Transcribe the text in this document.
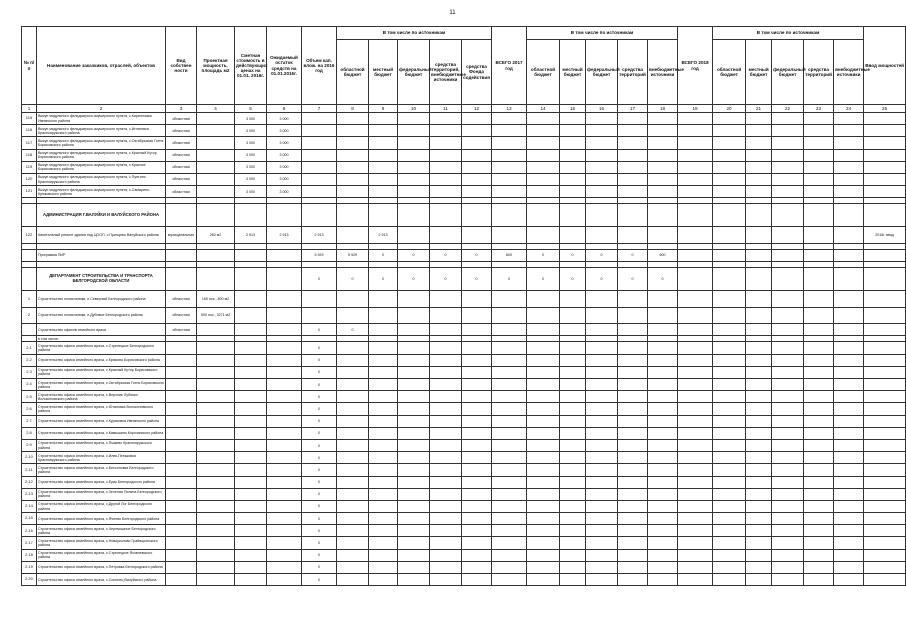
11
№ п/п	Наименование заказчиков, отраслей, объектов	Вид собствен ности	Проектная мощность, площадь м2	Сметная стоимость в действующих ценах на 01.01. 2016г.	Ожидаемый остаток средств на 01.01.2016г.	Объем кап. влож. на 2016 год	В том числе по источникам					ВСЕГО 2017 год	В том числе по источникам					ВСЕГО 2018 год	В том числе по источникам					Ввод мощностей
							областной бюджет	местный бюджет	федеральный бюджет	средства территорий, внебюджетные источники	средства Фонда содействия		областной бюджет	местный бюджет	федеральный бюджет	средства территорий	внебюджетные источники		областной бюджет	местный бюджет	федеральный бюджет	средства территорий	внебюджетные источники	
1	2	3	4	5	6	7	8	9	10	11	12	13	14	15	16	17	18	19	20	21	22	23	24	25
115	Выкуп модульного фельдшерско-акушерского пункта, с.Кирилловка Ивнянского района	областная		3 000	3 000																			
116	Выкуп модульного фельдшерско-акушерского пункта, с.Игнатовка Краснояружского района	областная		3 000	3 000																			
117	Выкуп модульного фельдшерско-акушерского пункта, с.Октябрьская Готня Борисовского района	областная		3 000	3 000																			
118	Выкуп модульного фельдшерско-акушерского пункта, с.Красный Кутор Борисовского района	областная		3 000	3 000																			
119	Выкуп модульного фельдшерско-акушерского пункта, с.Красное Борисовского района	областная		3 000	3 000																			
120	Выкуп модульного фельдшерско-акушерского пункта, с.Пуятино Краснояружского района	областная		3 000	3 000																			
121	Выкуп модульного фельдшерско-акушерского пункта, с.Самарино-Крюковского района	областная		3 000	3 000																			

	АДМИНИСТРАЦИЯ Г.ВАЛУЙКИ И ВАЛУЙСКОГО РАЙОНА																							
122	Капитальный ремонт здания под ЦООП, с.Принцево Валуйского района	муниципальная	260 м2	2 913	2 913	2 913		2 913																2016г. ввод

	Программа ПИР					5 929	5 929	0	0	0	0	600	0	0	0	0	600							

	ДЕПАРТАМЕНТ СТРОИТЕЛЬСТВА И ТРАНСПОРТА БЕЛГОРОДСКОЙ ОБЛАСТИ					0	0	0	0	0	0	0	0	0	0	0	0							
1	Строительство поликлиники, п.Северный Белгородского района	областная	165 пос., 800 м2																					
2	Строительство поликлиники, п.Дубовое Белгородского района	областная	500 пос., 3271 м2																					
	Строительство офисов семейного врача	областная				0	0																	
	в том числе:																							
2.1	Строительство офиса семейного врача, с.Стрелецкое Белгородского района					0																		
2.2	Строительство офиса семейного врача, с.Крюково Борисовского района					0																		
2.3	Строительство офиса семейного врача, с.Красный Кутор Борисовского района					0																		
2.4	Строительство офиса семейного врача, с.Октябрьская Готня Борисовского района					0																		
2.5	Строительство офиса семейного врача, с.Верхние Лубянки Волоконовского района					0																		
2.6	Строительство офиса семейного врача, с.Ютановка Волоконовского района					0																		
2.7	Строительство офиса семейного врача, с.Курасовка Ивнянского района					0																		
2.8	Строительство офиса семейного врача, с.Камышино Корочанского района					0																		
2.9	Строительство офиса семейного врача, с.Пыжево Краснояружского района					0																		
2.10	Строительство офиса семейного врача, с.Илек-Пеньковка Краснояружского района					0																		
2.11	Строительство офиса семейного врача, с.Бессоновка Белгородского района					0																		
2.12	Строительство офиса семейного врача, с.Ерик Белгородского района					0																		
2.13	Строительство офиса семейного врача, с.Зеленая Поляна Белгородского района					0																		
2.14	Строительство офиса семейного врача, с.Другой Лог Белгородского района					0																		
2.15	Строительство офиса семейного врача, с.Ячнево Белгородского района					0																		
2.16	Строительство офиса семейного врача, с.Черемошное Белгородского района					0																		
2.17	Строительство офиса семейного врача, с.Новоуколово Грайворонского района					0																		
2.18	Строительство офиса семейного врача, с.Стрелецкое Яковлевского района					0																		
2.19	Строительство офиса семейного врача, с.Петровка Белгородского района					0																		
2.20	Строительство офиса семейного врача, с.Солонец Валуйского района					0																		
